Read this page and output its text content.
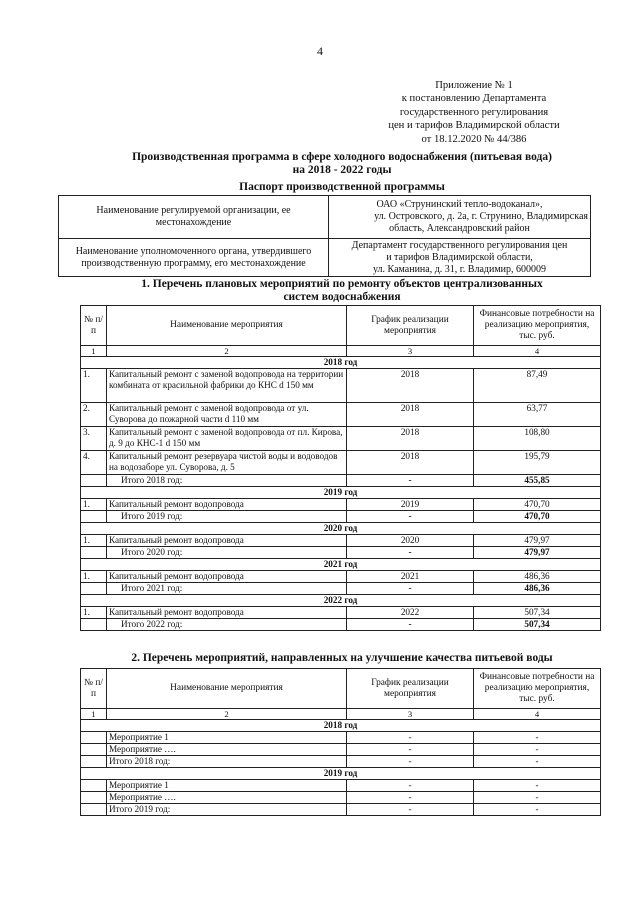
4
Приложение № 1
к постановлению Департамента
государственного регулирования
цен и тарифов Владимирской области
от 18.12.2020 № 44/386
Производственная программа в сфере холодного водоснабжения (питьевая вода)
на 2018 - 2022 годы
Паспорт производственной программы
Наименование регулируемой организации, ее местонахождение	ОАО «Струнинский тепло-водоканал»,
ул. Островского, д. 2а, г. Струнино, Владимирская
область, Александровский район

Наименование уполномоченного органа, утвердившего производственную программу, его местонахождение	Департамент государственного регулирования цен
и тарифов Владимирской области,
ул. Каманина, д. 31, г. Владимир, 600009
1. Перечень плановых мероприятий по ремонту объектов централизованных
систем водоснабжения
№ п/п	Наименование мероприятия	График реализации мероприятия	Финансовые потребности на реализацию мероприятия, тыс. руб.
1	2	3	4
2018 год			
1.	Капитальный ремонт с заменой водопровода на территории комбината от красильной фабрики до КНС d 150 мм	2018	87,49
2.	Капитальный ремонт с заменой водопровода от ул. Суворова до пожарной части d 110 мм	2018	63,77
3.	Капитальный ремонт с заменой водопровода от пл. Кирова, д. 9 до КНС-1 d 150 мм	2018	108,80
4.	Капитальный ремонт резервуара чистой воды и водоводов на водозаборе ул. Суворова, д. 5	2018	195,79
	Итого 2018 год:	-	455,85
2019 год			
1.	Капитальный ремонт водопровода	2019	470,70
	Итого 2019 год:	-	470,70
2020 год			
1.	Капитальный ремонт водопровода	2020	479,97
	Итого 2020 год:	-	479,97
2021 год			
1.	Капитальный ремонт водопровода	2021	486,36
	Итого 2021 год:	-	486,36
2022 год			
1.	Капитальный ремонт водопровода	2022	507,34
	Итого 2022 год:	-	507,34
2. Перечень мероприятий, направленных на улучшение качества питьевой воды
№ п/п	Наименование мероприятия	График реализации мероприятия	Финансовые потребности на реализацию мероприятия, тыс. руб.
1	2	3	4
2018 год			
	Мероприятие 1	-	-
	Мероприятие ….	-	-
	Итого 2018 год:	-	-
2019 год			
	Мероприятие 1	-	-
	Мероприятие ….	-	-
	Итого 2019 год:	-	-
